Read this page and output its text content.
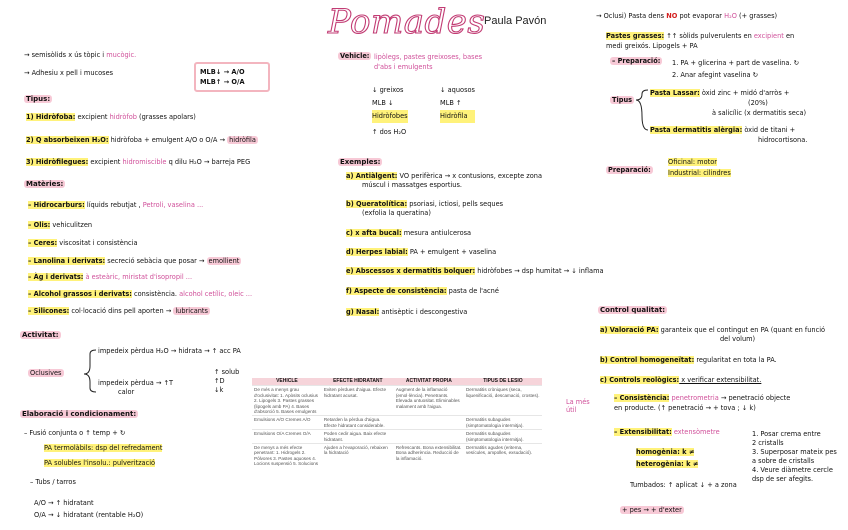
Pomades
Paula Pavón
→ semisòlids x ús tòpic i mucògic.
→ Adhesiu x pell i mucoses	MLB↓ → A/O
MLB↑ → O/A
Tipus:
1) Hidròfoba: excipient hidròfob (grasses apolars)
2) Q absorbeixen H₂O: hidròfoba + emulgent A/O o O/A → hidròfila
3) Hidròfilegues: excipient hidromiscible q dilu H₂O → barreja PEG
Matèries:
– Hidrocarburs: líquids rebutjat , Petroli, vaselina ...
– Olis: vehiculitzen
– Ceres: viscositat i consistència
– Lanolina i derivats: secreció sebàcia que posar → emollient
– Àg i derivats: à esteàric, miristat d'isopropil ...
– Alcohol grassos i derivats: consistència. alcohol cetílic, oleic ...
– Silicones: col·locació dins pell aporten → lubricants
Activitat:
Oclusives
impedeix pèrdua H₂O → hidrata → ↑ acc PA
impedeix pèrdua → ↑T
calor
↑ solub
↑D
↓k
Elaboració i condicionament:
– Fusió conjunta o ↑ temp + ↻
PA termolàbils: dsp del refredament
PA solubles l'insolu.: pulverització
– Tubs / tarros
A/O → ↑ hidratant
O/A → ↓ hidratant (rentable H₂O)
VEHICLE	EFECTE HIDRATANT	ACTIVITAT PROPIA	TIPUS DE LESIO
De més a menys grau d'oclusivitat: 1. Apòsits oclusius 2. Lipogels 3. Pastes grasses (lipogels amb PA) 4. Bases d'absorció 5. Bases emulgents	Eviten pèrdues d'aigua. Efecte hidratant acusat.	Augment de la inflamació (emol·lència). Penetrants. Elevada untuositat. Eliminables malament amb l'aigua.	Dermatitis cròniques (seca, liquenificació, descamació, crostes).
Emulsions A/O Cremes A/O	Retarden la pèrdua d'aigua. Efecte hidratant considerable.		Dermatitis subagudes (simptomatologia intermitja).
Emulsions O/A Cremes O/A	Poden cedir aigua. Baix efecte hidratant.		Dermatitis subagudes (simptomatologia intermitja).
De menys a més efecte penetrant: 1. Hidrogels 2. Pólvores 3. Pastes aquoses 4. Locions suspensió 5. Solucions	Ajuden a l'evaporació, rebaixen la hidratació	Refrescants. Bona extensibilitat. Bona adherència. Reducció de la inflamació.	Dermatitis agudes (eritema, vesícules, ampolles, exsudació).
Vehicle: lipòlegs, pastes greixoses, bases d'abs i emulgents
↓ greixos
MLB ↓
Hidròfobes
↓ aquosos
MLB ↑
Hidròfila
↑ dos H₂O
Exemples:
a) Antiàlgent: VO perifèrica → x contusions, excepte zona
múscul i massatges esportius.
b) Queratolítica: psoriasi, ictiosi, pells seques
(exfolia la queratina)
c) x afta bucal: mesura antiulcerosa
d) Herpes labial: PA + emulgent + vaselina
e) Abscessos x dermatitis bolquer: hidròfobes → dsp humitat → ↓ inflama
f) Aspecte de consistència: pasta de l'acné
g) Nasal: antisèptic i descongestiva
→ Oclusi) Pasta dens NO pot evaporar H₂O (+ grasses)
Pastes grasses: ↑↑ sòlids pulverulents en excipient en
medi greixós. Lipogels + PA
– Preparació:	1. PA + glicerina + part de vaselina. ↻
2. Anar afegint vaselina ↻
Tipus
Pasta Lassar: òxid zinc + midó d'arròs +
(20%)
à salicílic (x dermatitis seca)
Pasta dermatitis alèrgia: òxid de titani +
hidrocortisona.
Preparació:
Oficinal: motor
Industrial: cilindres
Control qualitat:
a) Valoració PA: garanteix que el contingut en PA (quant en funció
del volum)
b) Control homogeneïtat: regularitat en tota la PA.
c) Controls reològics: x verificar extensibilitat.
La més útil
– Consistència: penetrometria → penetració objecte
en producte. (↑ penetració → + tova ; ↓ k)
– Extensibilitat: extensòmetre	1. Posar crema entre
2 cristalls
3. Superposar mateix pes a sobre de cristalls
4. Veure diàmetre cercle dsp de ser afegits.
homogènia: k ≠
heterogènia: k ≠
Tumbados: ↑ aplicat ↓ + a zona
+ pes → + d'exter
